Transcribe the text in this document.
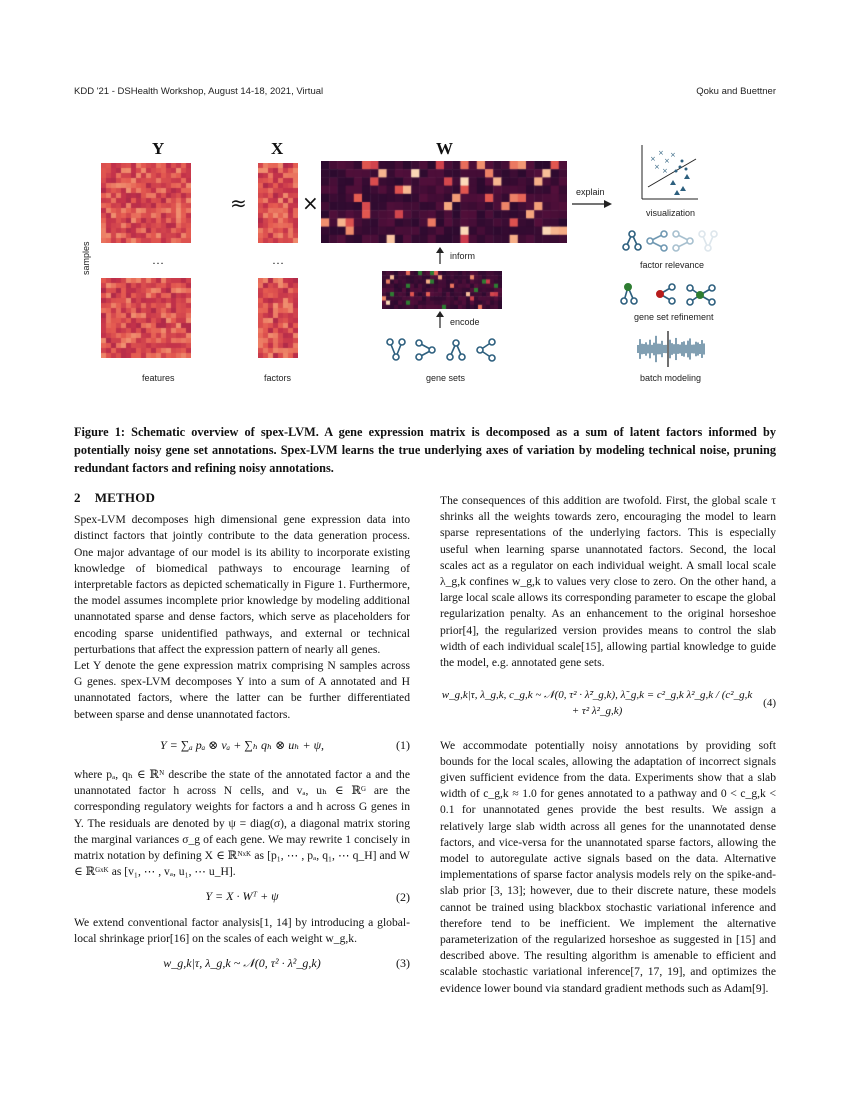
KDD '21 - DSHealth Workshop, August 14-18, 2021, Virtual	Qoku and Buettner
Y	X	W
≈	×
…	…
samples
features	factors	gene sets
inform
encode
explain
×
×
×
×
×
×
visualization
factor relevance
gene set refinement
batch modeling
Figure 1: Schematic overview of spex-LVM. A gene expression matrix is decomposed as a sum of latent factors informed by potentially noisy gene set annotations. Spex-LVM learns the true underlying axes of variation by modeling technical noise, pruning redundant factors and refining noisy annotations.
2 METHOD

Spex-LVM decomposes high dimensional gene expression data into distinct factors that jointly contribute to the data generation process. One major advantage of our model is its ability to incorporate existing knowledge of biomedical pathways to encourage learning of interpretable factors as depicted schematically in Figure 1. Furthermore, the model assumes incomplete prior knowledge by modeling additional unannotated sparse and dense factors, which serve as placeholders for encoding sparse unidentified pathways, and external or technical perturbations that affect the expression pattern of nearly all genes.

Let Y denote the gene expression matrix comprising N samples across G genes. spex-LVM decomposes Y into a sum of A annotated and H unannotated factors, where the latter can be further differentiated between sparse and dense unannotated factors.

Y = ∑ₐ pₐ ⊗ vₐ + ∑ₕ qₕ ⊗ uₕ + ψ,	(1)

where pₐ, qₕ ∈ ℝᴺ describe the state of the annotated factor a and the unannotated factor h across N cells, and vₐ, uₕ ∈ ℝᴳ are the corresponding regulatory weights for factors a and h across G genes in Y. The residuals are denoted by ψ = diag(σ), a diagonal matrix storing the marginal variances σ_g of each gene. We may rewrite 1 concisely in matrix notation by defining X ∈ ℝᴺˣᴷ as [p₁, ⋯ , pₐ, q₁, ⋯ q_H] and W ∈ ℝᴳˣᴷ as [v₁, ⋯ , vₐ, u₁, ⋯ u_H].

Y = X · Wᵀ + ψ	(2)

We extend conventional factor analysis[1, 14] by introducing a global-local shrinkage prior[16] on the scales of each weight w_g,k.

w_g,k|τ, λ_g,k ~ 𝒩(0, τ² · λ²_g,k)	(3)

The consequences of this addition are twofold. First, the global scale τ shrinks all the weights towards zero, encouraging the model to learn sparse representations of the underlying factors. This is especially useful when learning sparse unannotated factors. Second, the local scales act as a regulator on each individual weight. A small local scale λ_g,k confines w_g,k to values very close to zero. On the other hand, a large local scale allows its corresponding parameter to escape the global regularization penalty. As an enhancement to the original horseshoe prior[4], the regularized version provides means to control the slab width of each individual scale[15], allowing partial knowledge to guide the model, e.g. annotated gene sets.

w_g,k|τ, λ_g,k, c_g,k ~ 𝒩(0, τ² · λ̃²_g,k), λ̃_g,k = c²_g,k λ²_g,k / (c²_g,k + τ² λ²_g,k)
(4)

We accommodate potentially noisy annotations by providing soft bounds for the local scales, allowing the adaptation of incorrect signals given sufficient evidence from the data. Experiments show that a slab width of c_g,k ≈ 1.0 for genes annotated to a pathway and 0 < c_g,k < 0.1 for unannotated genes provide the best results. We assign a relatively large slab width across all genes for the unannotated dense factors, and vice-versa for the unannotated sparse factors, allowing the model to autoregulate active signals based on the data. Alternative implementations of sparse factor analysis models rely on the spike-and-slab prior [3, 13]; however, due to their discrete nature, these models cannot be trained using blackbox stochastic variational inference and therefore tend to be inefficient. We implement the alternative parameterization of the regularized horseshoe as suggested in [15] and described above. The resulting algorithm is amenable to efficient and scalable stochastic variational inference[7, 17, 19], and optimizes the evidence lower bound via standard gradient methods such as Adam[9].
